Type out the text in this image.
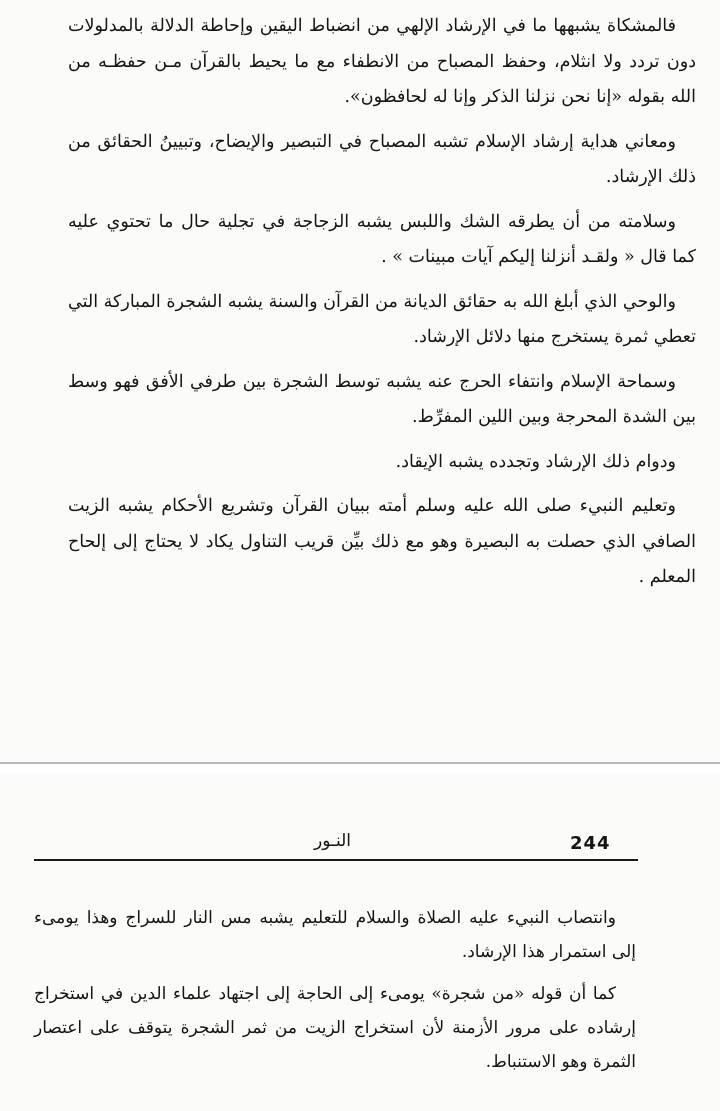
فالمشكاة يشبهها ما في الإرشاد الإلهي من انضباط اليقين وإحاطة الدلالة بالمدلولات دون تردد ولا انثلام، وحفظ المصباح من الانطفاء مع ما يحيط بالقرآن مـن حفظـه من الله بقوله «إنا نحن نزلنا الذكر وإنا له لحافظون».

ومعاني هداية إرشاد الإسلام تشبه المصباح في التبصير والإيضاح، وتبيينُ الحقائق من ذلك الإرشاد.

وسلامته من أن يطرقه الشك واللبس يشبه الزجاجة في تجلية حال ما تحتوي عليه كما قال « ولقـد أنزلنا إليكم آيات مبينات » .

والوحي الذي أبلغ الله به حقائق الديانة من القرآن والسنة يشبه الشجرة المباركة التي تعطي ثمرة يستخرج منها دلائل الإرشاد.

وسماحة الإسلام وانتفاء الحرج عنه يشبه توسط الشجرة بين طرفي الأفق فهو وسط بين الشدة المحرجة وبين اللين المفرِّط.

ودوام ذلك الإرشاد وتجدده يشبه الإيقاد.

وتعليم النبيء صلى الله عليه وسلم أمته ببيان القرآن وتشريع الأحكام يشبه الزيت الصافي الذي حصلت به البصيرة وهو مع ذلك بيِّن قريب التناول يكاد لا يحتاج إلى إلحاح المعلم .

244
النـور

وانتصاب النبيء عليه الصلاة والسلام للتعليم يشبه مس النار للسراج وهذا يومىء إلى استمرار هذا الإرشاد.

كما أن قوله «من شجرة» يومىء إلى الحاجة إلى اجتهاد علماء الدين في استخراج إرشاده على مرور الأزمنة لأن استخراج الزيت من ثمر الشجرة يتوقف على اعتصار الثمرة وهو الاستنباط.
